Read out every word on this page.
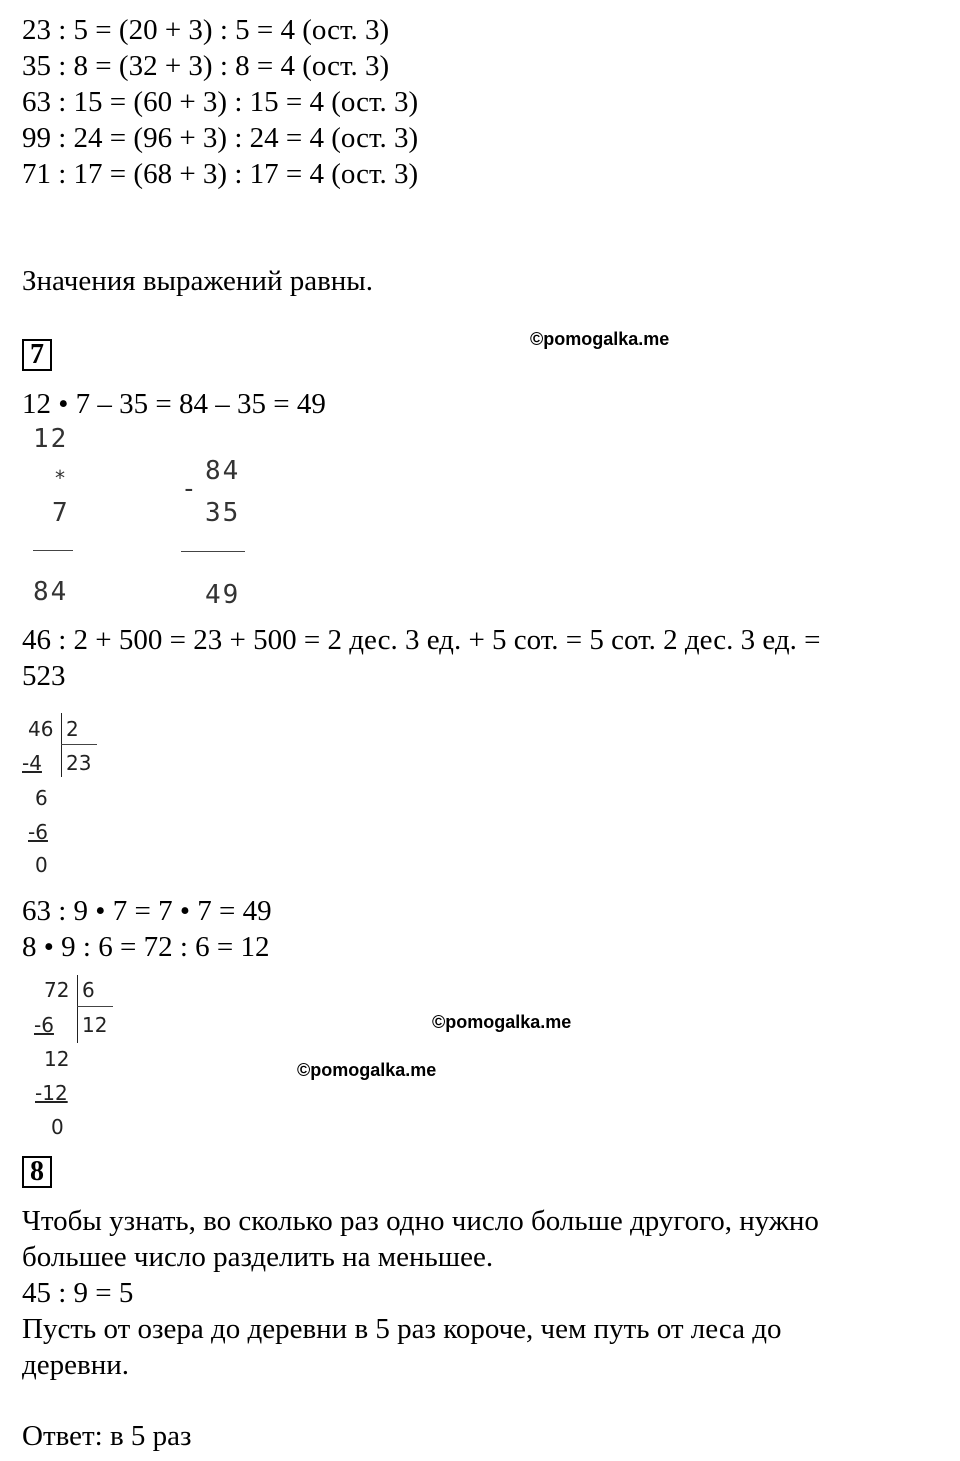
23 : 5 = (20 + 3) : 5 = 4 (ост. 3)
35 : 8 = (32 + 3) : 8 = 4 (ост. 3)
63 : 15 = (60 + 3) : 15 = 4 (ост. 3)
99 : 24 = (96 + 3) : 24 = 4 (ост. 3)
71 : 17 = (68 + 3) : 17 = 4 (ост. 3)
Значения выражений равны.
7	©pomogalka.me
12 • 7 – 35 = 84 – 35 = 49
12
*
7
84
-
84
35
49
46 : 2 + 500 = 23 + 500 = 2 дес. 3 ед. + 5 сот. = 5 сот. 2 дес. 3 ед. =
523
46 2
-4 23
6
-6
0
63 : 9 • 7 = 7 • 7 = 49
8 • 9 : 6 = 72 : 6 = 12
72 6
-6 12
12
-12
0
©pomogalka.me
©pomogalka.me
8
Чтобы узнать, во сколько раз одно число больше другого, нужно
большее число разделить на меньшее.
45 : 9 = 5
Пусть от озера до деревни в 5 раз короче, чем путь от леса до
деревни.
Ответ: в 5 раз
